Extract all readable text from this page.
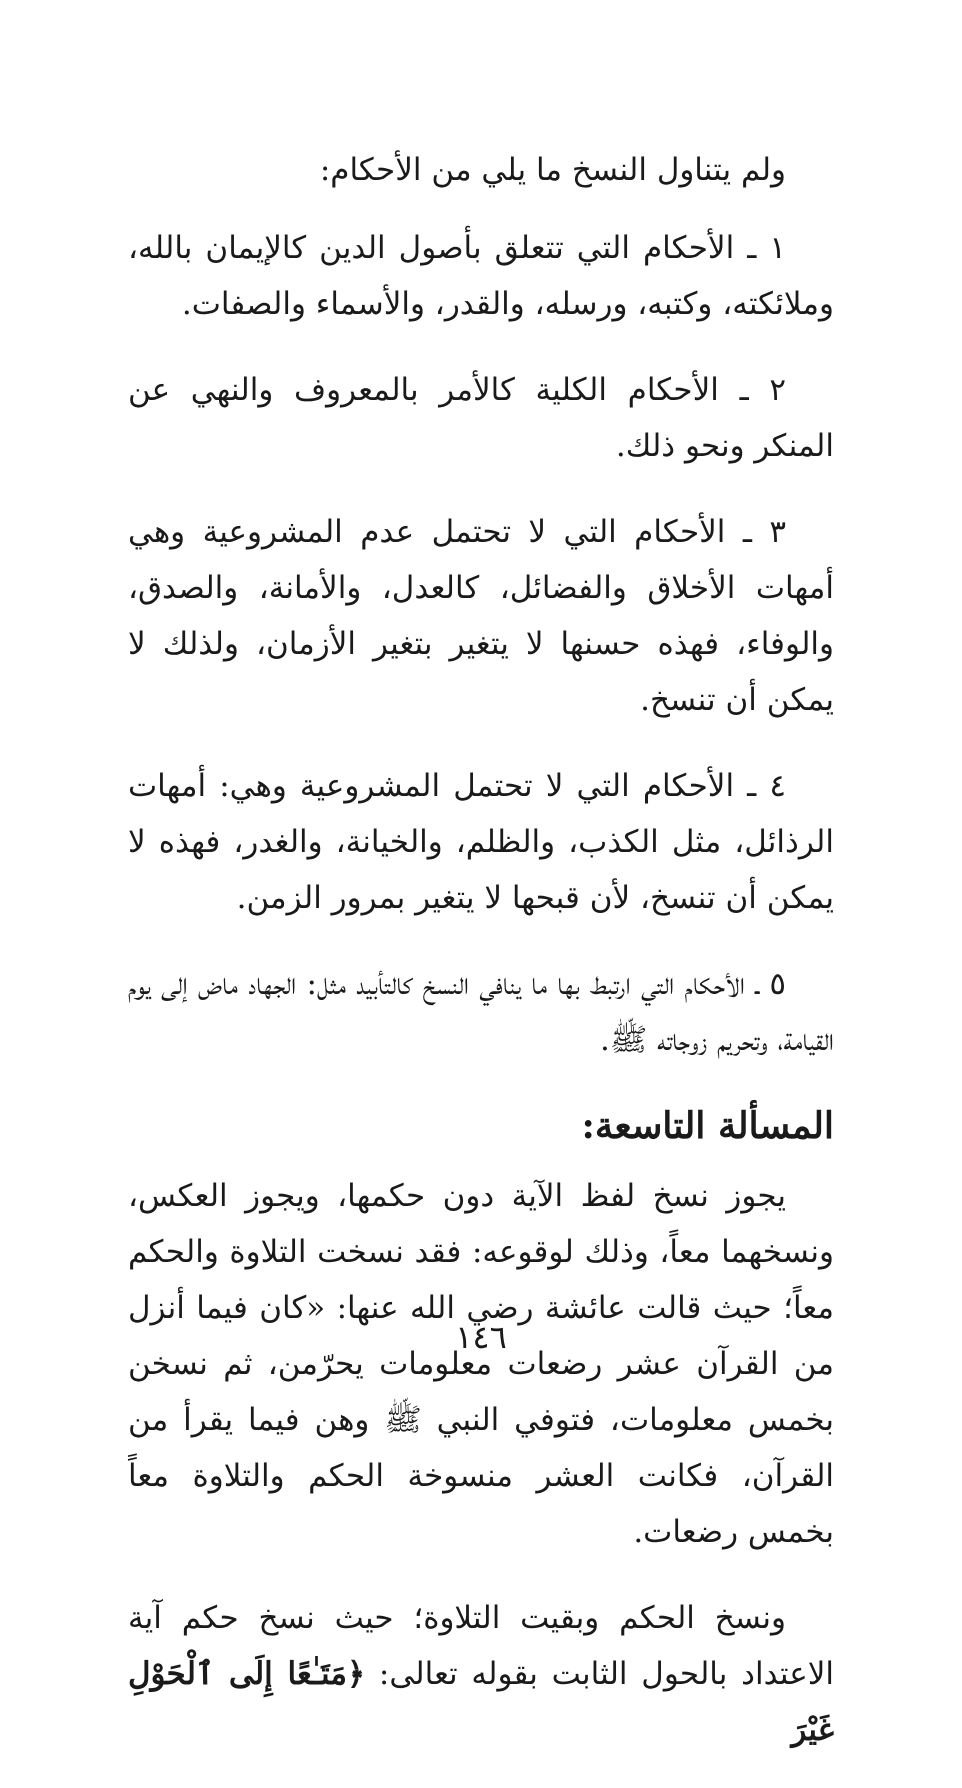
ولم يتناول النسخ ما يلي من الأحكام:

١ ـ الأحكام التي تتعلق بأصول الدين كالإيمان بالله، وملائكته، وكتبه، ورسله، والقدر، والأسماء والصفات.

٢ ـ الأحكام الكلية كالأمر بالمعروف والنهي عن المنكر ونحو ذلك.

٣ ـ الأحكام التي لا تحتمل عدم المشروعية وهي أمهات الأخلاق والفضائل، كالعدل، والأمانة، والصدق، والوفاء، فهذه حسنها لا يتغير بتغير الأزمان، ولذلك لا يمكن أن تنسخ.

٤ ـ الأحكام التي لا تحتمل المشروعية وهي: أمهات الرذائل، مثل الكذب، والظلم، والخيانة، والغدر، فهذه لا يمكن أن تنسخ، لأن قبحها لا يتغير بمرور الزمن.

٥ ـ الأحكام التي ارتبط بها ما ينافي النسخ كالتأبيد مثل: الجهاد ماض إلى يوم القيامة، وتحريم زوجاته ﷺ.

المسألة التاسعة:

يجوز نسخ لفظ الآية دون حكمها، ويجوز العكس، ونسخهما معاً، وذلك لوقوعه: فقد نسخت التلاوة والحكم معاً؛ حيث قالت عائشة رضي الله عنها: «كان فيما أنزل من القرآن عشر رضعات معلومات يحرّمن، ثم نسخن بخمس معلومات، فتوفي النبي ﷺ وهن فيما يقرأ من القرآن، فكانت العشر منسوخة الحكم والتلاوة معاً بخمس رضعات.

ونسخ الحكم وبقيت التلاوة؛ حيث نسخ حكم آية الاعتداد بالحول الثابت بقوله تعالى: ﴿مَتَـٰعًا إِلَى ٱلْحَوْلِ غَيْرَ

١٤٦
